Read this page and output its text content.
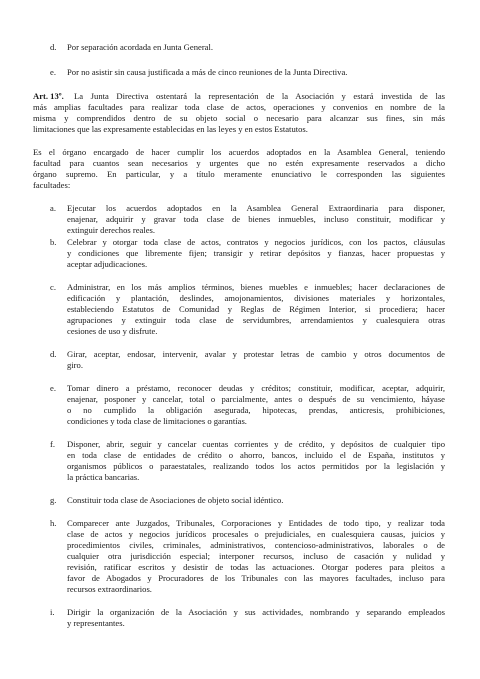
d. Por separación acordada en Junta General.
e. Por no asistir sin causa justificada a más de cinco reuniones de la Junta Directiva.
Art. 13º. La Junta Directiva ostentará la representación de la Asociación y estará investida de las
más amplias facultades para realizar toda clase de actos, operaciones y convenios en nombre de la
misma y comprendidos dentro de su objeto social o necesario para alcanzar sus fines, sin más
limitaciones que las expresamente establecidas en las leyes y en estos Estatutos.
Es el órgano encargado de hacer cumplir los acuerdos adoptados en la Asamblea General, teniendo
facultad para cuantos sean necesarios y urgentes que no estén expresamente reservados a dicho
órgano supremo. En particular, y a título meramente enunciativo le corresponden las siguientes
facultades:
a. Ejecutar los acuerdos adoptados en la Asamblea General Extraordinaria para disponer,
enajenar, adquirir y gravar toda clase de bienes inmuebles, incluso constituir, modificar y
extinguir derechos reales.
b. Celebrar y otorgar toda clase de actos, contratos y negocios jurídicos, con los pactos, cláusulas
y condiciones que libremente fijen; transigir y retirar depósitos y fianzas, hacer propuestas y
aceptar adjudicaciones.
c. Administrar, en los más amplios términos, bienes muebles e inmuebles; hacer declaraciones de
edificación y plantación, deslindes, amojonamientos, divisiones materiales y horizontales,
estableciendo Estatutos de Comunidad y Reglas de Régimen Interior, si procediera; hacer
agrupaciones y extinguir toda clase de servidumbres, arrendamientos y cualesquiera otras
cesiones de uso y disfrute.
d. Girar, aceptar, endosar, intervenir, avalar y protestar letras de cambio y otros documentos de
giro.
e. Tomar dinero a préstamo, reconocer deudas y créditos; constituir, modificar, aceptar, adquirir,
enajenar, posponer y cancelar, total o parcialmente, antes o después de su vencimiento, háyase
o no cumplido la obligación asegurada, hipotecas, prendas, anticresis, prohibiciones,
condiciones y toda clase de limitaciones o garantías.
f. Disponer, abrir, seguir y cancelar cuentas corrientes y de crédito, y depósitos de cualquier tipo
en toda clase de entidades de crédito o ahorro, bancos, incluido el de España, institutos y
organismos públicos o paraestatales, realizando todos los actos permitidos por la legislación y
la práctica bancarias.
g. Constituir toda clase de Asociaciones de objeto social idéntico.
h. Comparecer ante Juzgados, Tribunales, Corporaciones y Entidades de todo tipo, y realizar toda
clase de actos y negocios jurídicos procesales o prejudiciales, en cualesquiera causas, juicios y
procedimientos civiles, criminales, administrativos, contencioso-administrativos, laborales o de
cualquier otra jurisdicción especial; interponer recursos, incluso de casación y nulidad y
revisión, ratificar escritos y desistir de todas las actuaciones. Otorgar poderes para pleitos a
favor de Abogados y Procuradores de los Tribunales con las mayores facultades, incluso para
recursos extraordinarios.
i. Dirigir la organización de la Asociación y sus actividades, nombrando y separando empleados
y representantes.
